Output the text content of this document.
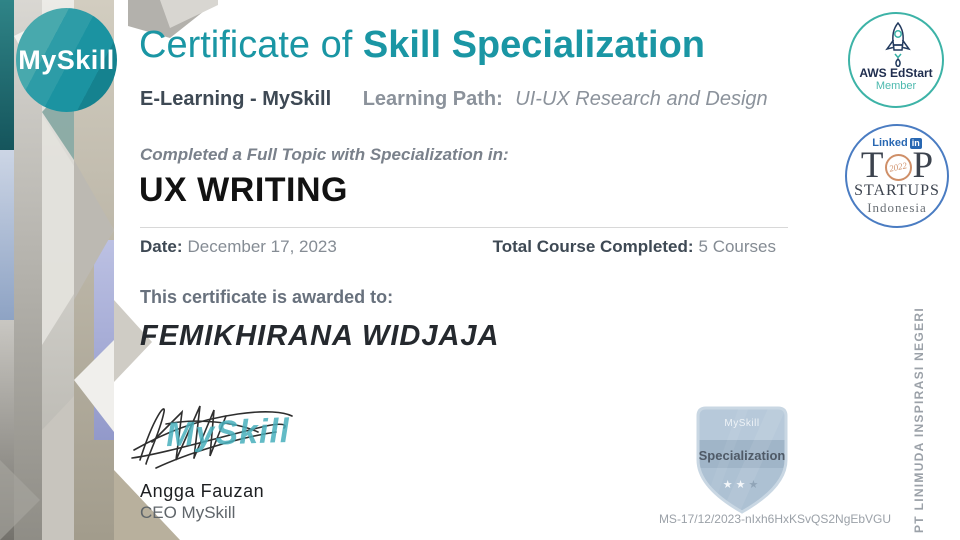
MySkill Certificate of Skill Specialization
E-Learning - MySkill Learning Path: UI-UX Research and Design
Completed a Full Topic with Specialization in:
UX WRITING
Date: December 17, 2023	Total Course Completed: 5 Courses
This certificate is awarded to:
FEMIKHIRANA WIDJAJA
MySkill
Angga Fauzan
CEO MySkill
AWS EdStart
Member
Linked in
T 2022 P
STARTUPS
Indonesia
MySkill
Specialization
★ ★ ★
MS-17/12/2023-nIxh6HxKSvQS2NgEbVGU	PT LINIMUDA INSPIRASI NEGERI
